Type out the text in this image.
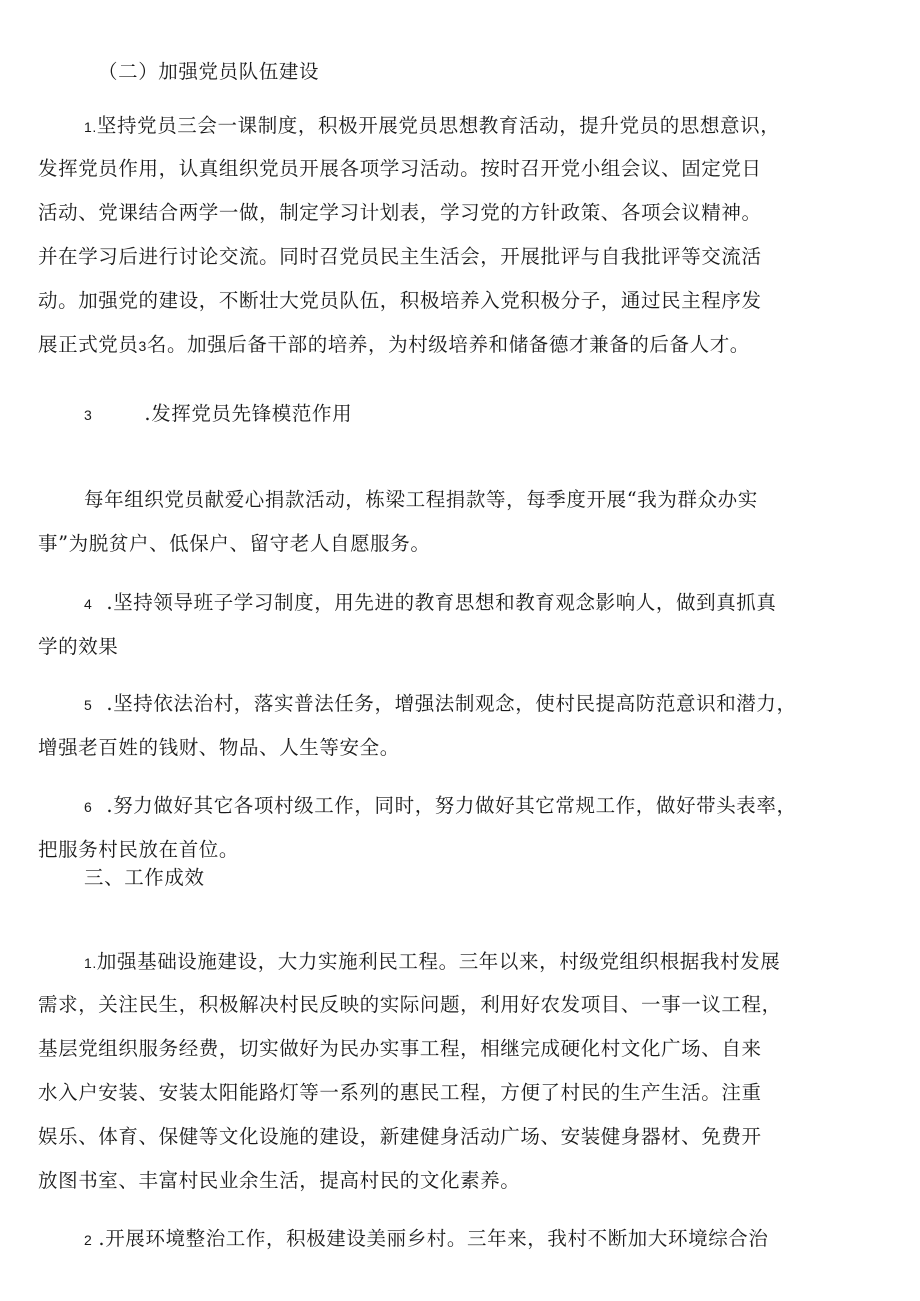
（二）加强党员队伍建设
1.坚持党员三会一课制度，积极开展党员思想教育活动，提升党员的思想意识，
发挥党员作用，认真组织党员开展各项学习活动。按时召开党小组会议、固定党日
活动、党课结合两学一做，制定学习计划表，学习党的方针政策、各项会议精神。
并在学习后进行讨论交流。同时召党员民主生活会，开展批评与自我批评等交流活
动。加强党的建设，不断壮大党员队伍，积极培养入党积极分子，通过民主程序发
展正式党员3名。加强后备干部的培养，为村级培养和储备德才兼备的后备人才。
3	.发挥党员先锋模范作用
每年组织党员献爱心捐款活动，栋梁工程捐款等，每季度开展“我为群众办实
事”为脱贫户、低保户、留守老人自愿服务。
4 .坚持领导班子学习制度，用先进的教育思想和教育观念影响人，做到真抓真
学的效果
5 .坚持依法治村，落实普法任务，增强法制观念，使村民提高防范意识和潜力，
增强老百姓的钱财、物品、人生等安全。
6 .努力做好其它各项村级工作，同时，努力做好其它常规工作，做好带头表率，
把服务村民放在首位。
三、工作成效
1.加强基础设施建设，大力实施利民工程。三年以来，村级党组织根据我村发展
需求，关注民生，积极解决村民反映的实际问题，利用好农发项目、一事一议工程，
基层党组织服务经费，切实做好为民办实事工程，相继完成硬化村文化广场、自来
水入户安装、安装太阳能路灯等一系列的惠民工程，方便了村民的生产生活。注重
娱乐、体育、保健等文化设施的建设，新建健身活动广场、安装健身器材、免费开
放图书室、丰富村民业余生活，提高村民的文化素养。
2 .开展环境整治工作，积极建设美丽乡村。三年来，我村不断加大环境综合治
